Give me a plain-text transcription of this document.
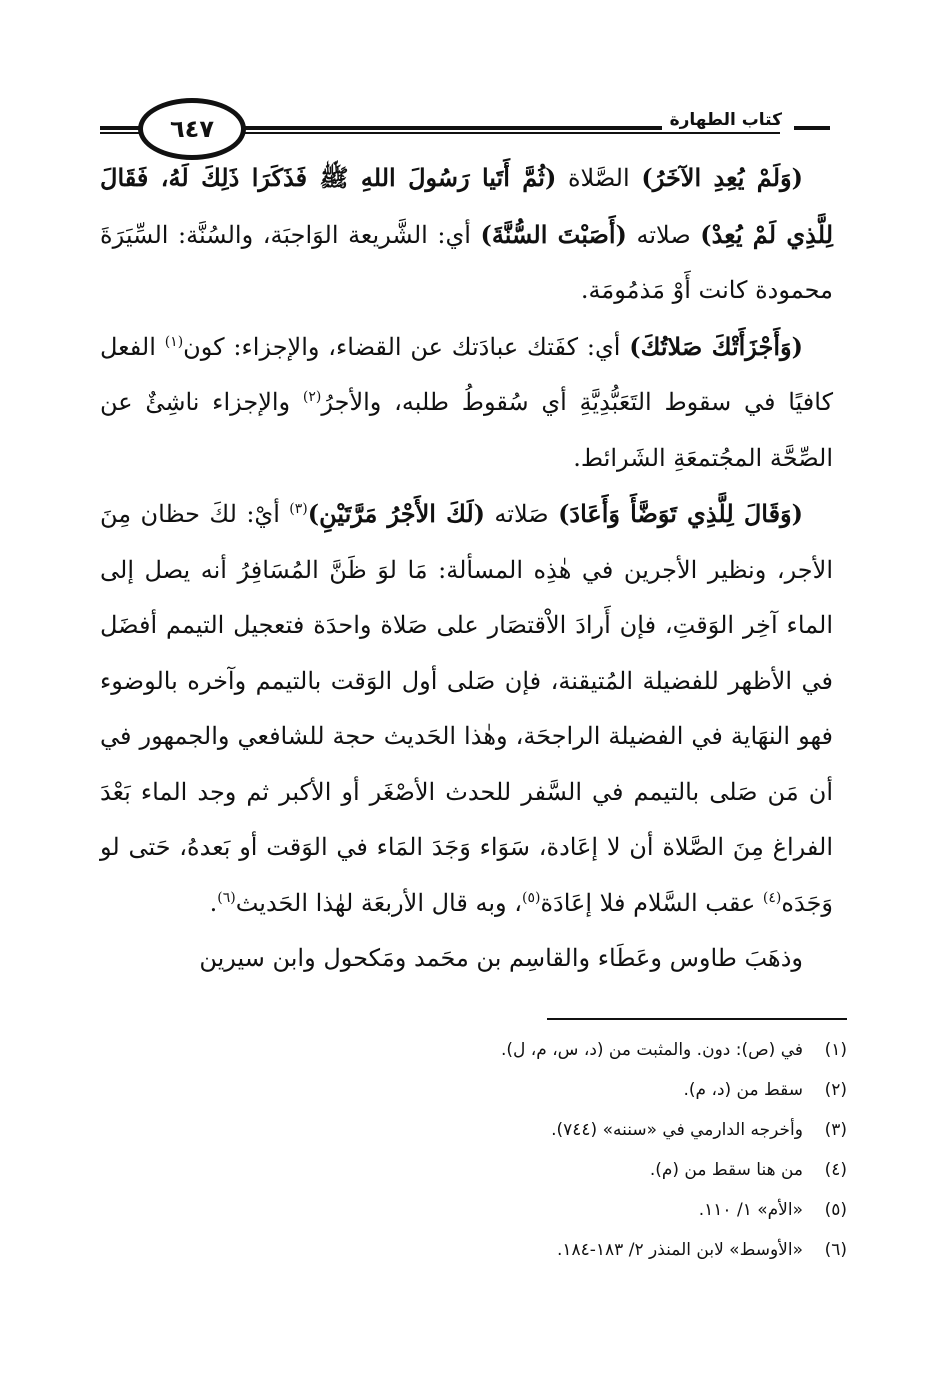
كتاب الطهارة
٦٤٧

(وَلَمْ يُعِدِ الآخَرُ) الصَّلاة (ثُمَّ أَتَيا رَسُولَ اللهِ ﷺ فَذَكَرَا ذَلِكَ لَهُ، فَقَالَ لِلَّذِي لَمْ يُعِدْ) صلاته (أَصَبْتَ السُّنَّةَ) أي: الشَّريعة الوَاجبَة، والسُنَّة: السِّيَرَةَ محمودة كانت أَوْ مَذمُومَة.

(وَأَجْزَأَتْكَ صَلاتُكَ) أي: كفَتك عبادَتك عن القضاء، والإجزاء: كون$^{(١)}$ الفعل كافيًا في سقوط التَعَبُّدِيَّةِ أي سُقوطُ طلبه، والأجرُ$^{(٢)}$ والإجزاء ناشِئٌ عن الصِّحَّة المجُتمعَةِ الشَرائط.

(وَقَالَ لِلَّذِي تَوَضَّأَ وَأَعَادَ) صَلاته (لَكَ الأَجْرُ مَرَّتَيْنِ)$^{(٣)}$ أيْ: لكَ حظان مِنَ الأجر، ونظير الأجرين في هٰذِه المسألة: مَا لوَ ظَنَّ المُسَافِرُ أنه يصل إلى الماء آخِر الوَقتِ، فإن أَرادَ الاْقتصَار على صَلاة واحدَة فتعجيل التيمم أفضَل في الأظهر للفضيلة المُتيقنة، فإن صَلى أول الوَقت بالتيمم وآخره بالوضوء فهو النهَاية في الفضيلة الراجحَة، وهٰذا الحَديث حجة للشافعي والجمهور في أن مَن صَلى بالتيمم في السَّفر للحدث الأصْغَر أو الأكبر ثم وجد الماء بَعْدَ الفراغ مِنَ الصَّلاة أن لا إعَادة، سَوَاء وَجَدَ المَاء في الوَقت أو بَعدهُ، حَتى لو وَجَدَه$^{(٤)}$ عقب السَّلام فلا إعَادَة$^{(٥)}$، وبه قال الأربعَة لهٰذا الحَديث$^{(٦)}$.

وذهَبَ طاوس وعَطَاء والقاسِم بن محَمد ومَكحول وابن سيرين

(١)
في (ص): دون. والمثبت من (د، س، م، ل).
(٢)
سقط من (د، م).
(٣)
وأخرجه الدارمي في «سننه» (٧٤٤).
(٤)
من هنا سقط من (م).
(٥)
«الأم» ١/ ١١٠.
(٦)
«الأوسط» لابن المنذر ٢/ ١٨٣-١٨٤.
